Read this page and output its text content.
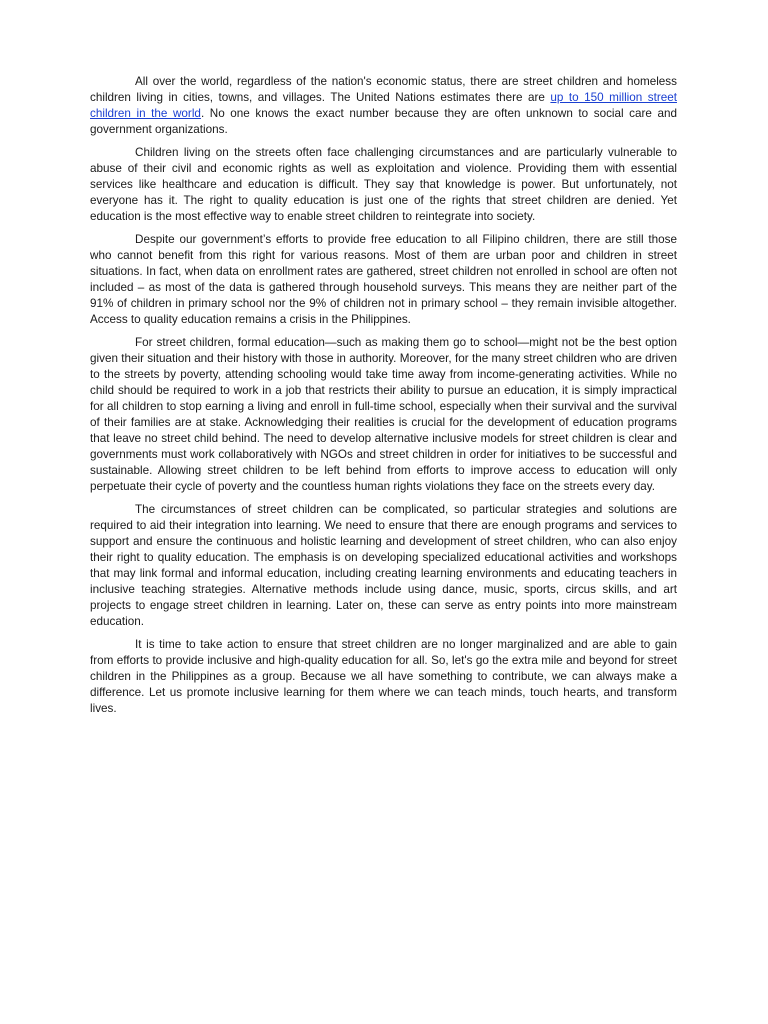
All over the world, regardless of the nation's economic status, there are street children and homeless children living in cities, towns, and villages. The United Nations estimates there are up to 150 million street children in the world. No one knows the exact number because they are often unknown to social care and government organizations.

Children living on the streets often face challenging circumstances and are particularly vulnerable to abuse of their civil and economic rights as well as exploitation and violence. Providing them with essential services like healthcare and education is difficult. They say that knowledge is power. But unfortunately, not everyone has it. The right to quality education is just one of the rights that street children are denied. Yet education is the most effective way to enable street children to reintegrate into society.

Despite our government’s efforts to provide free education to all Filipino children, there are still those who cannot benefit from this right for various reasons. Most of them are urban poor and children in street situations. In fact, when data on enrollment rates are gathered, street children not enrolled in school are often not included – as most of the data is gathered through household surveys. This means they are neither part of the 91% of children in primary school nor the 9% of children not in primary school – they remain invisible altogether. Access to quality education remains a crisis in the Philippines.

For street children, formal education—such as making them go to school—might not be the best option given their situation and their history with those in authority. Moreover, for the many street children who are driven to the streets by poverty, attending schooling would take time away from income-generating activities. While no child should be required to work in a job that restricts their ability to pursue an education, it is simply impractical for all children to stop earning a living and enroll in full-time school, especially when their survival and the survival of their families are at stake. Acknowledging their realities is crucial for the development of education programs that leave no street child behind. The need to develop alternative inclusive models for street children is clear and governments must work collaboratively with NGOs and street children in order for initiatives to be successful and sustainable. Allowing street children to be left behind from efforts to improve access to education will only perpetuate their cycle of poverty and the countless human rights violations they face on the streets every day.

The circumstances of street children can be complicated, so particular strategies and solutions are required to aid their integration into learning. We need to ensure that there are enough programs and services to support and ensure the continuous and holistic learning and development of street children, who can also enjoy their right to quality education. The emphasis is on developing specialized educational activities and workshops that may link formal and informal education, including creating learning environments and educating teachers in inclusive teaching strategies. Alternative methods include using dance, music, sports, circus skills, and art projects to engage street children in learning. Later on, these can serve as entry points into more mainstream education.

It is time to take action to ensure that street children are no longer marginalized and are able to gain from efforts to provide inclusive and high-quality education for all. So, let's go the extra mile and beyond for street children in the Philippines as a group. Because we all have something to contribute, we can always make a difference. Let us promote inclusive learning for them where we can teach minds, touch hearts, and transform lives.
